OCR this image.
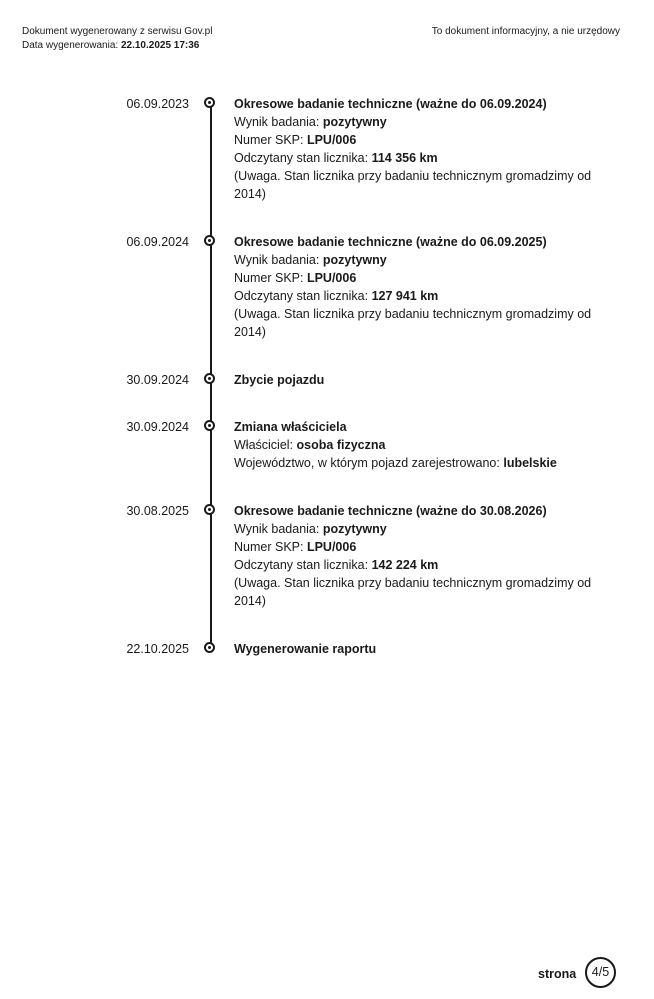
Dokument wygenerowany z serwisu Gov.pl
Data wygenerowania: 22.10.2025 17:36
To dokument informacyjny, a nie urzędowy
06.09.2023	Okresowe badanie techniczne (ważne do 06.09.2024)
Wynik badania: pozytywny
Numer SKP: LPU/006
Odczytany stan licznika: 114 356 km
(Uwaga. Stan licznika przy badaniu technicznym gromadzimy od 2014)
06.09.2024	Okresowe badanie techniczne (ważne do 06.09.2025)
Wynik badania: pozytywny
Numer SKP: LPU/006
Odczytany stan licznika: 127 941 km
(Uwaga. Stan licznika przy badaniu technicznym gromadzimy od 2014)
30.09.2024	Zbycie pojazdu
30.09.2024	Zmiana właściciela
Właściciel: osoba fizyczna
Województwo, w którym pojazd zarejestrowano: lubelskie
30.08.2025	Okresowe badanie techniczne (ważne do 30.08.2026)
Wynik badania: pozytywny
Numer SKP: LPU/006
Odczytany stan licznika: 142 224 km
(Uwaga. Stan licznika przy badaniu technicznym gromadzimy od 2014)
22.10.2025	Wygenerowanie raportu
strona	4/5
